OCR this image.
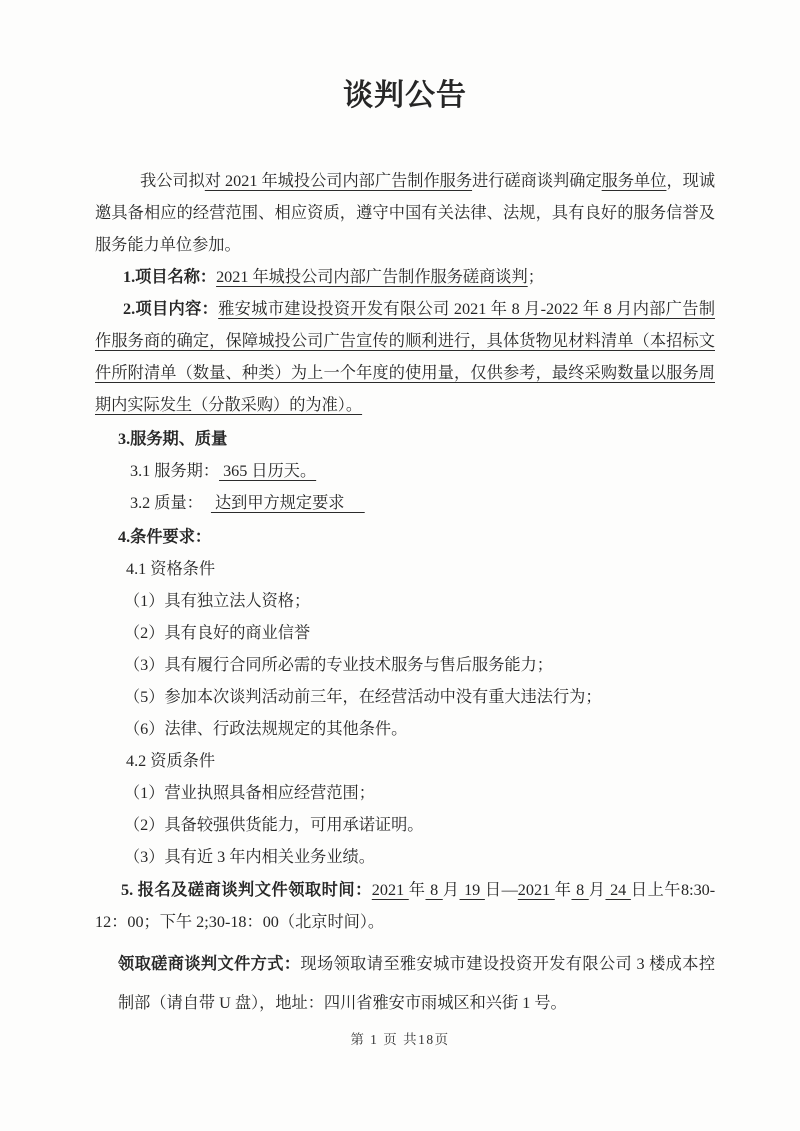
谈判公告

我公司拟对 2021 年城投公司内部广告制作服务进行磋商谈判确定服务单位，现诚邀具备相应的经营范围、相应资质，遵守中国有关法律、法规，具有良好的服务信誉及服务能力单位参加。

1.项目名称：2021 年城投公司内部广告制作服务磋商谈判；

2.项目内容：雅安城市建设投资开发有限公司 2021 年 8 月-2022 年 8 月内部广告制作服务商的确定，保障城投公司广告宣传的顺利进行，具体货物见材料清单（本招标文件所附清单（数量、种类）为上一个年度的使用量，仅供参考，最终采购数量以服务周期内实际发生（分散采购）的为准）。

3.服务期、质量

3.1 服务期： 365 日历天。

3.2 质量：　 达到甲方规定要求 　

4.条件要求：

4.1 资格条件

（1）具有独立法人资格；

（2）具有良好的商业信誉

（3）具有履行合同所必需的专业技术服务与售后服务能力；

（5）参加本次谈判活动前三年，在经营活动中没有重大违法行为；

（6）法律、行政法规规定的其他条件。

4.2 资质条件

（1）营业执照具备相应经营范围；

（2）具备较强供货能力，可用承诺证明。

（3）具有近 3 年内相关业务业绩。

5. 报名及磋商谈判文件领取时间：2021 年 8 月 19 日—2021 年 8 月 24 日上午8:30-12：00；下午 2;30-18：00（北京时间）。

领取磋商谈判文件方式：现场领取请至雅安城市建设投资开发有限公司 3 楼成本控制部（请自带 U 盘），地址：四川省雅安市雨城区和兴街 1 号。

第 1 页 共18页
